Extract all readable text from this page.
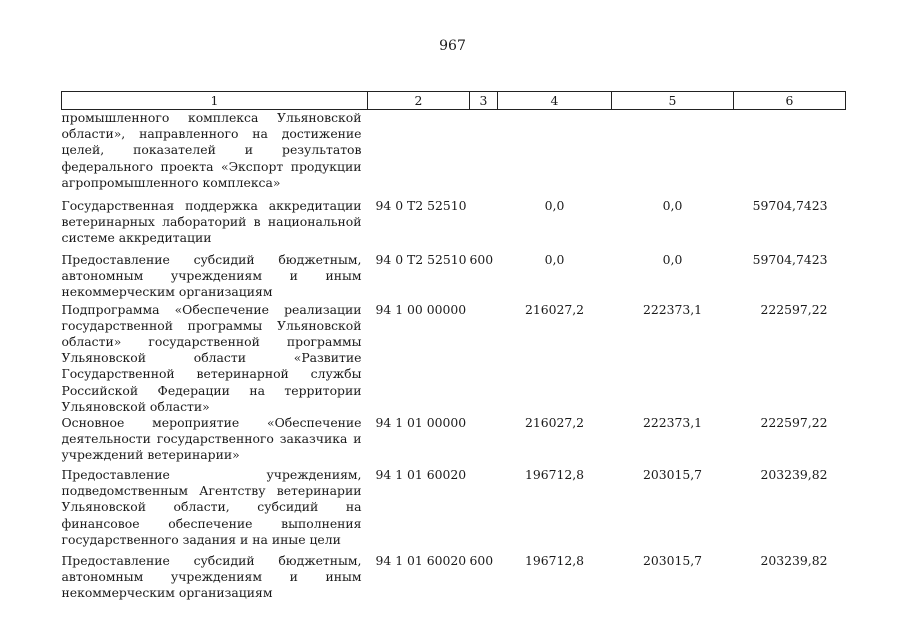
967
1	2	3	4	5	6
промышленного комплекса Ульяновской области», направленного на достижение целей, показателей и результатов федерального проекта «Экспорт продукции агропромышленного комплекса»					
Государственная поддержка аккредитации ветеринарных лабораторий в национальной системе аккредитации	94 0 Т2 52510		0,0	0,0	59704,7423
Предоставление субсидий бюджетным, автономным учреждениям и иным некоммерческим организациям	94 0 Т2 52510	600	0,0	0,0	59704,7423
Подпрограмма «Обеспечение реализации государственной программы Ульяновской области» государственной программы Ульяновской области «Развитие Государственной ветеринарной службы Российской Федерации на территории Ульяновской области»	94 1 00 00000		216027,2	222373,1	222597,22
Основное мероприятие «Обеспечение деятельности государственного заказчика и учреждений ветеринарии»	94 1 01 00000		216027,2	222373,1	222597,22
Предоставление учреждениям, подведомственным Агентству ветеринарии Ульяновской области, субсидий на финансовое обеспечение выполнения государственного задания и на иные цели	94 1 01 60020		196712,8	203015,7	203239,82
Предоставление субсидий бюджетным, автономным учреждениям и иным некоммерческим организациям	94 1 01 60020	600	196712,8	203015,7	203239,82
